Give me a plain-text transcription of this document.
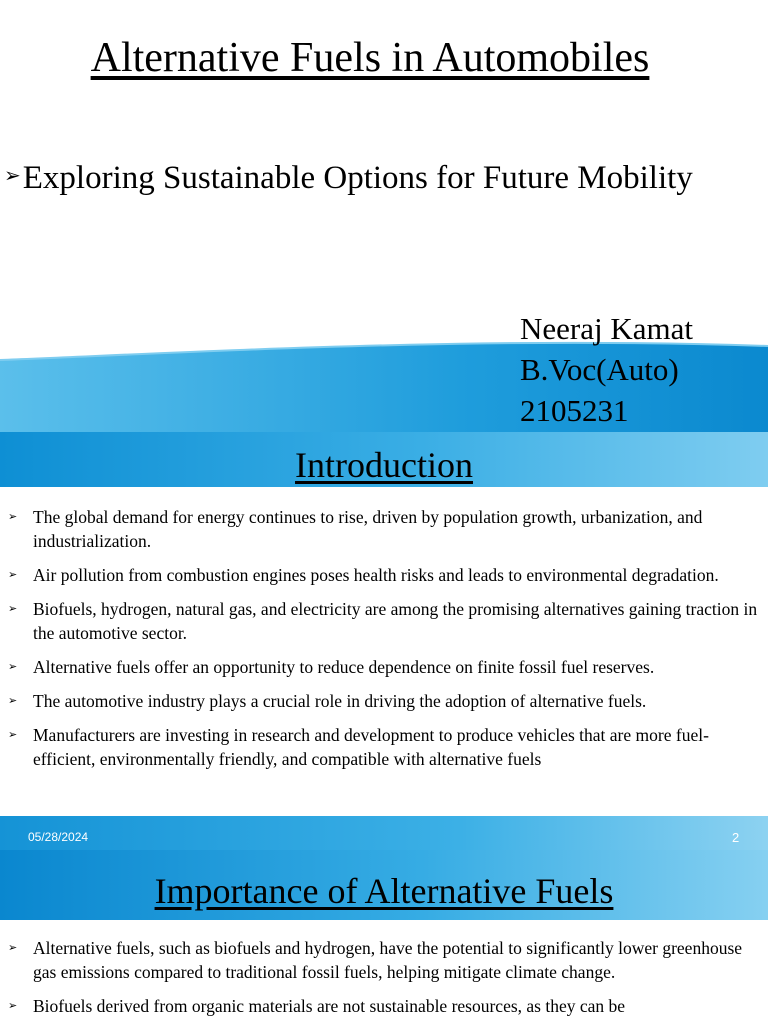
Alternative Fuels in Automobiles
➢Exploring Sustainable Options for Future Mobility
Neeraj Kamat
B.Voc(Auto)
2105231
Introduction
➢ The global demand for energy continues to rise, driven by population growth, urbanization, and industrialization.
➢ Air pollution from combustion engines poses health risks and leads to environmental degradation.
➢ Biofuels, hydrogen, natural gas, and electricity are among the promising alternatives gaining traction in the automotive sector.
➢ Alternative fuels offer an opportunity to reduce dependence on finite fossil fuel reserves.
➢ The automotive industry plays a crucial role in driving the adoption of alternative fuels.
➢ Manufacturers are investing in research and development to produce vehicles that are more fuel-efficient, environmentally friendly, and compatible with alternative fuels
05/28/2024	2
Importance of Alternative Fuels
➢ Alternative fuels, such as biofuels and hydrogen, have the potential to significantly lower greenhouse gas emissions compared to traditional fossil fuels, helping mitigate climate change.
➢ Biofuels derived from organic materials are not sustainable resources, as they can be
